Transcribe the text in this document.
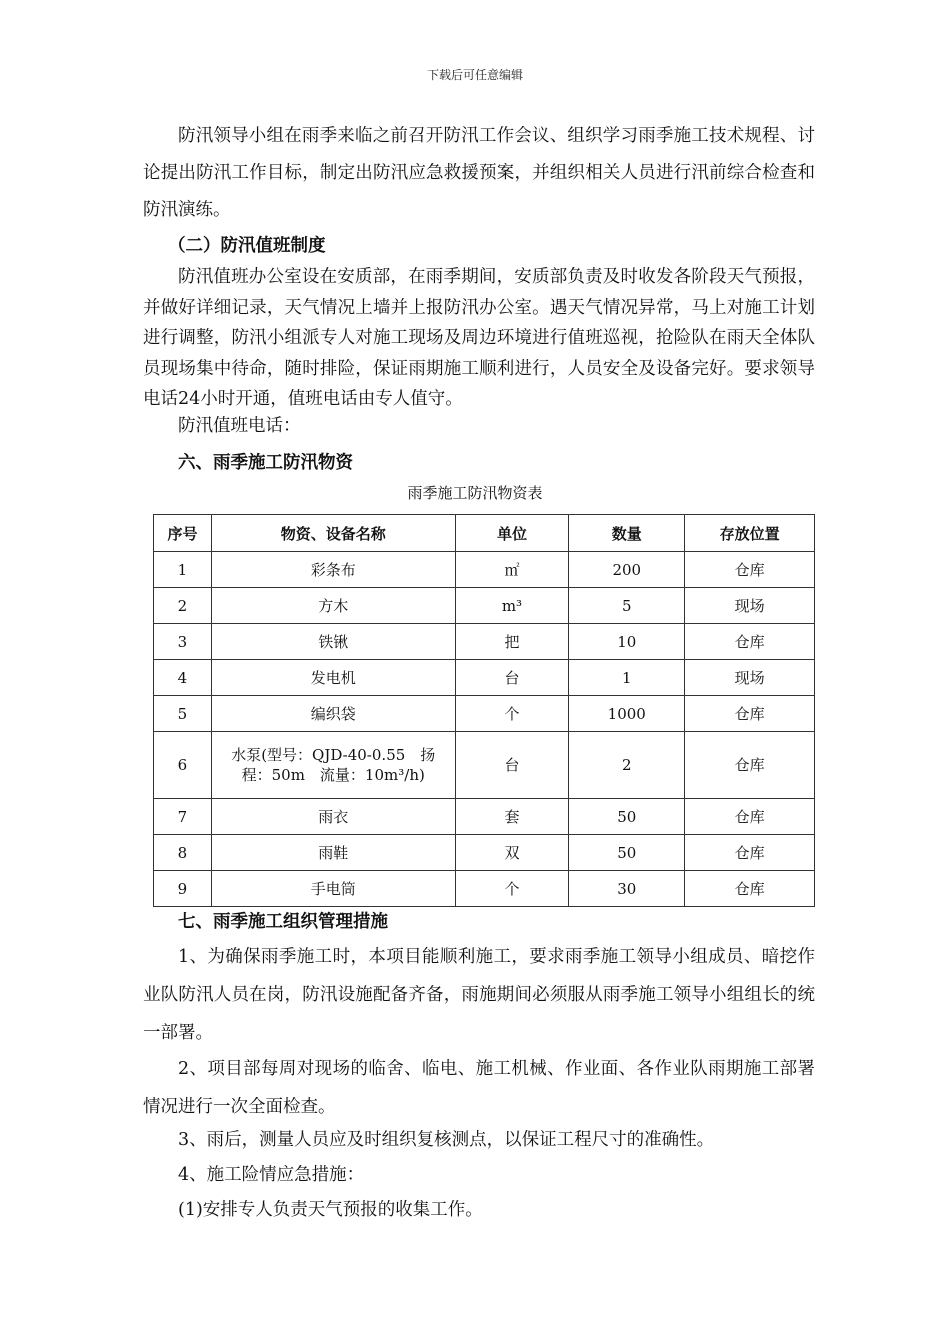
下载后可任意编辑

防汛领导小组在雨季来临之前召开防汛工作会议、组织学习雨季施工技术规程、讨论提出防汛工作目标，制定出防汛应急救援预案，并组织相关人员进行汛前综合检查和防汛演练。

（二）防汛值班制度

防汛值班办公室设在安质部，在雨季期间，安质部负责及时收发各阶段天气预报，并做好详细记录，天气情况上墙并上报防汛办公室。遇天气情况异常，马上对施工计划进行调整，防汛小组派专人对施工现场及周边环境进行值班巡视，抢险队在雨天全体队员现场集中待命，随时排险，保证雨期施工顺利进行，人员安全及设备完好。要求领导电话24小时开通，值班电话由专人值守。

防汛值班电话：
六、雨季施工防汛物资
雨季施工防汛物资表
序号	物资、设备名称	单位	数量	存放位置
1	彩条布	㎡	200	仓库
2	方木	m³	5	现场
3	铁锹	把	10	仓库
4	发电机	台	1	现场
5	编织袋	个	1000	仓库
6	水泵(型号：QJD-40-0.55　扬程：50m　流量：10m³/h)	台	2	仓库
7	雨衣	套	50	仓库
8	雨鞋	双	50	仓库
9	手电筒	个	30	仓库
七、雨季施工组织管理措施

1、为确保雨季施工时，本项目能顺利施工，要求雨季施工领导小组成员、暗挖作业队防汛人员在岗，防汛设施配备齐备，雨施期间必须服从雨季施工领导小组组长的统一部署。

2、项目部每周对现场的临舍、临电、施工机械、作业面、各作业队雨期施工部署情况进行一次全面检查。

3、雨后，测量人员应及时组织复核测点，以保证工程尺寸的准确性。
4、施工险情应急措施：
(1)安排专人负责天气预报的收集工作。
